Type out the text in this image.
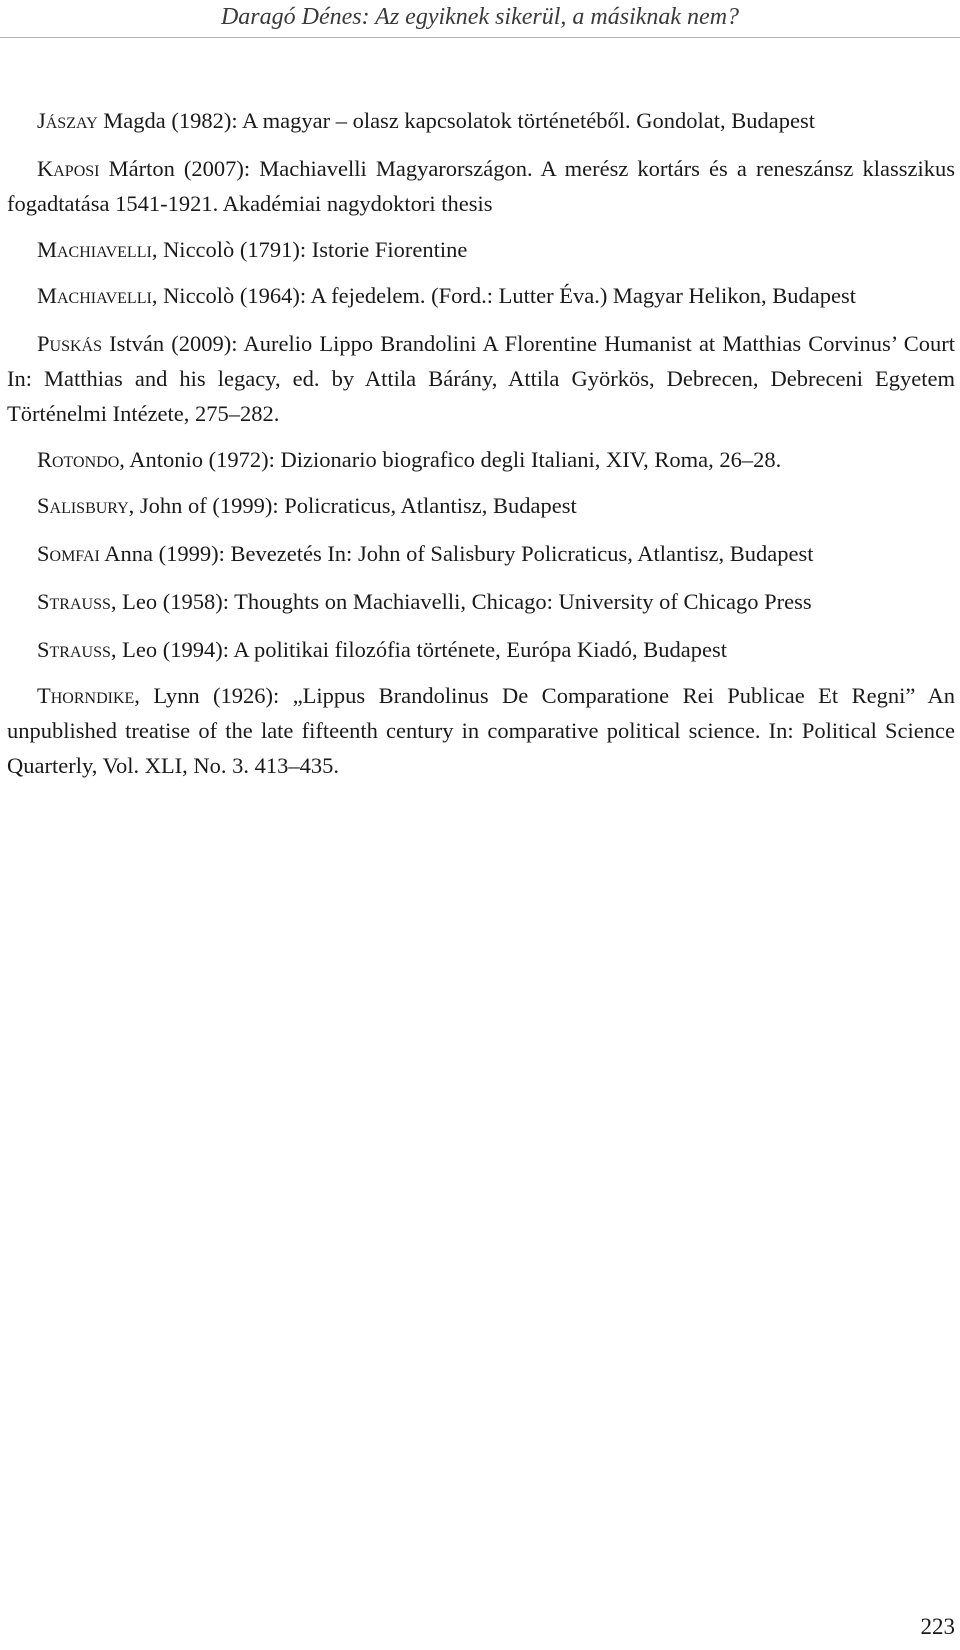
Daragó Dénes: Az egyiknek sikerül, a másiknak nem?
Jászay Magda (1982): A magyar – olasz kapcsolatok történetéből. Gondolat, Budapest
Kaposi Márton (2007): Machiavelli Magyarországon. A merész kortárs és a reneszánsz klasszikus fogadtatása 1541-1921. Akadémiai nagydoktori thesis
Machiavelli, Niccolò (1791): Istorie Fiorentine
Machiavelli, Niccolò (1964): A fejedelem. (Ford.: Lutter Éva.) Magyar Helikon, Budapest
Puskás István (2009): Aurelio Lippo Brandolini A Florentine Humanist at Matthias Corvinus’ Court In: Matthias and his legacy, ed. by Attila Bárány, Attila Györkös, Debrecen, Debreceni Egyetem Történelmi Intézete, 275–282.
Rotondo, Antonio (1972): Dizionario biografico degli Italiani, XIV, Roma, 26–28.
Salisbury, John of (1999): Policraticus, Atlantisz, Budapest
Somfai Anna (1999): Bevezetés In: John of Salisbury Policraticus, Atlantisz, Budapest
Strauss, Leo (1958): Thoughts on Machiavelli, Chicago: University of Chicago Press
Strauss, Leo (1994): A politikai filozófia története, Európa Kiadó, Budapest
Thorndike, Lynn (1926): „Lippus Brandolinus De Comparatione Rei Publicae Et Regni” An unpublished treatise of the late fifteenth century in comparative political science. In: Political Science Quarterly, Vol. XLI, No. 3. 413–435.
223
